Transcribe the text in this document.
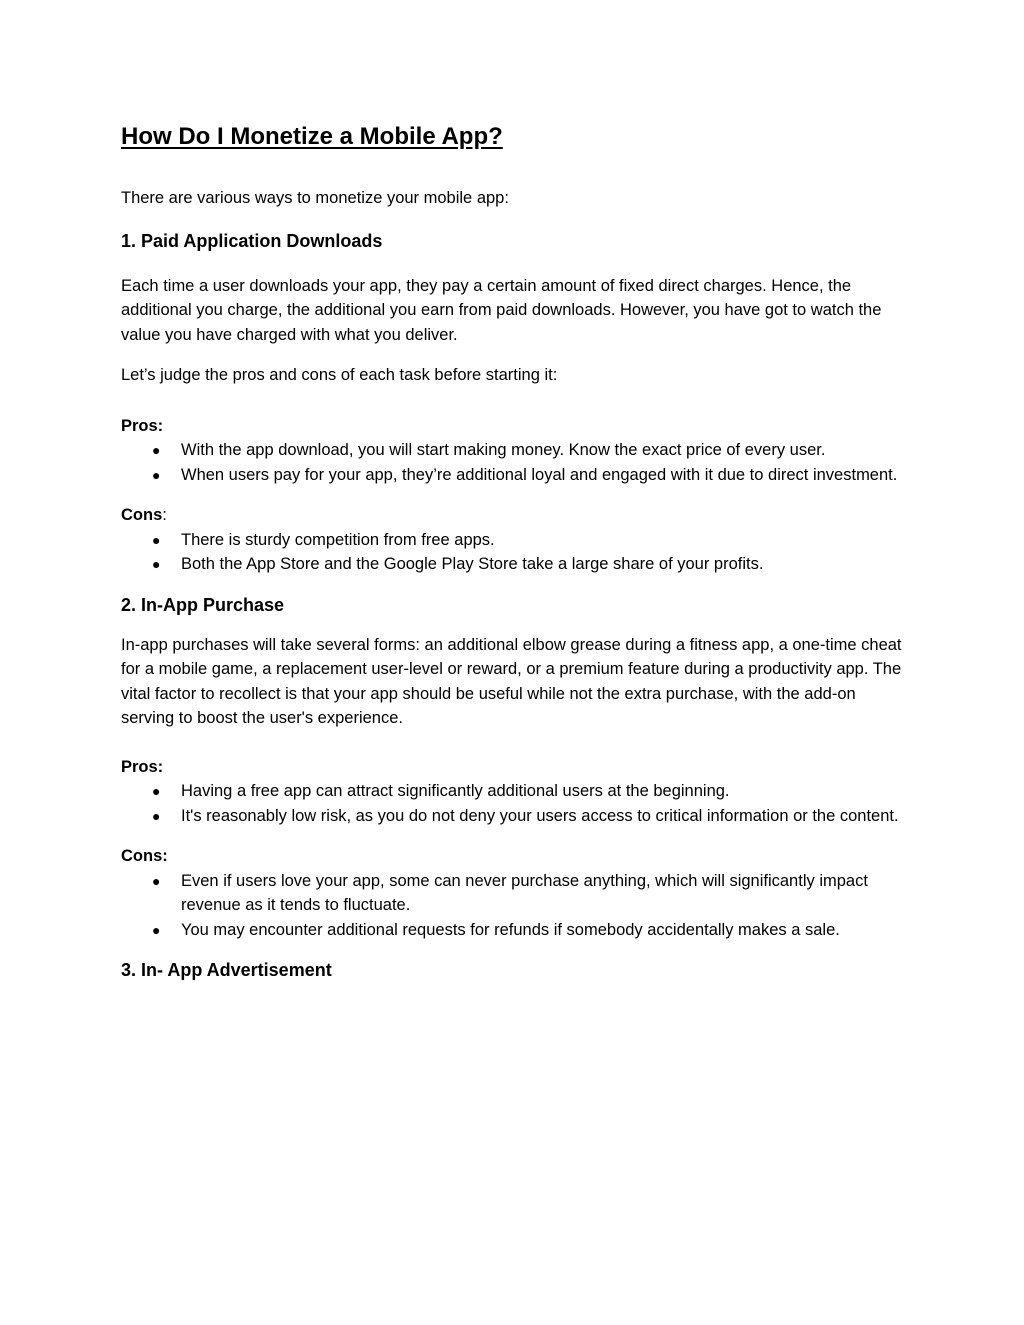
How Do I Monetize a Mobile App?

There are various ways to monetize your mobile app:

1. Paid Application Downloads

Each time a user downloads your app, they pay a certain amount of fixed direct charges. Hence, the additional you charge, the additional you earn from paid downloads. However, you have got to watch the value you have charged with what you deliver.

Let’s judge the pros and cons of each task before starting it:

Pros:

● With the app download, you will start making money. Know the exact price of every user.
● When users pay for your app, they’re additional loyal and engaged with it due to direct investment.

Cons:

● There is sturdy competition from free apps.
● Both the App Store and the Google Play Store take a large share of your profits.
2. In-App Purchase

In-app purchases will take several forms: an additional elbow grease during a fitness app, a one-time cheat for a mobile game, a replacement user-level or reward, or a premium feature during a productivity app. The vital factor to recollect is that your app should be useful while not the extra purchase, with the add-on serving to boost the user's experience.

Pros:

● Having a free app can attract significantly additional users at the beginning.
● It's reasonably low risk, as you do not deny your users access to critical information or the content.

Cons:

● Even if users love your app, some can never purchase anything, which will significantly impact revenue as it tends to fluctuate.
● You may encounter additional requests for refunds if somebody accidentally makes a sale.
3. In- App Advertisement
